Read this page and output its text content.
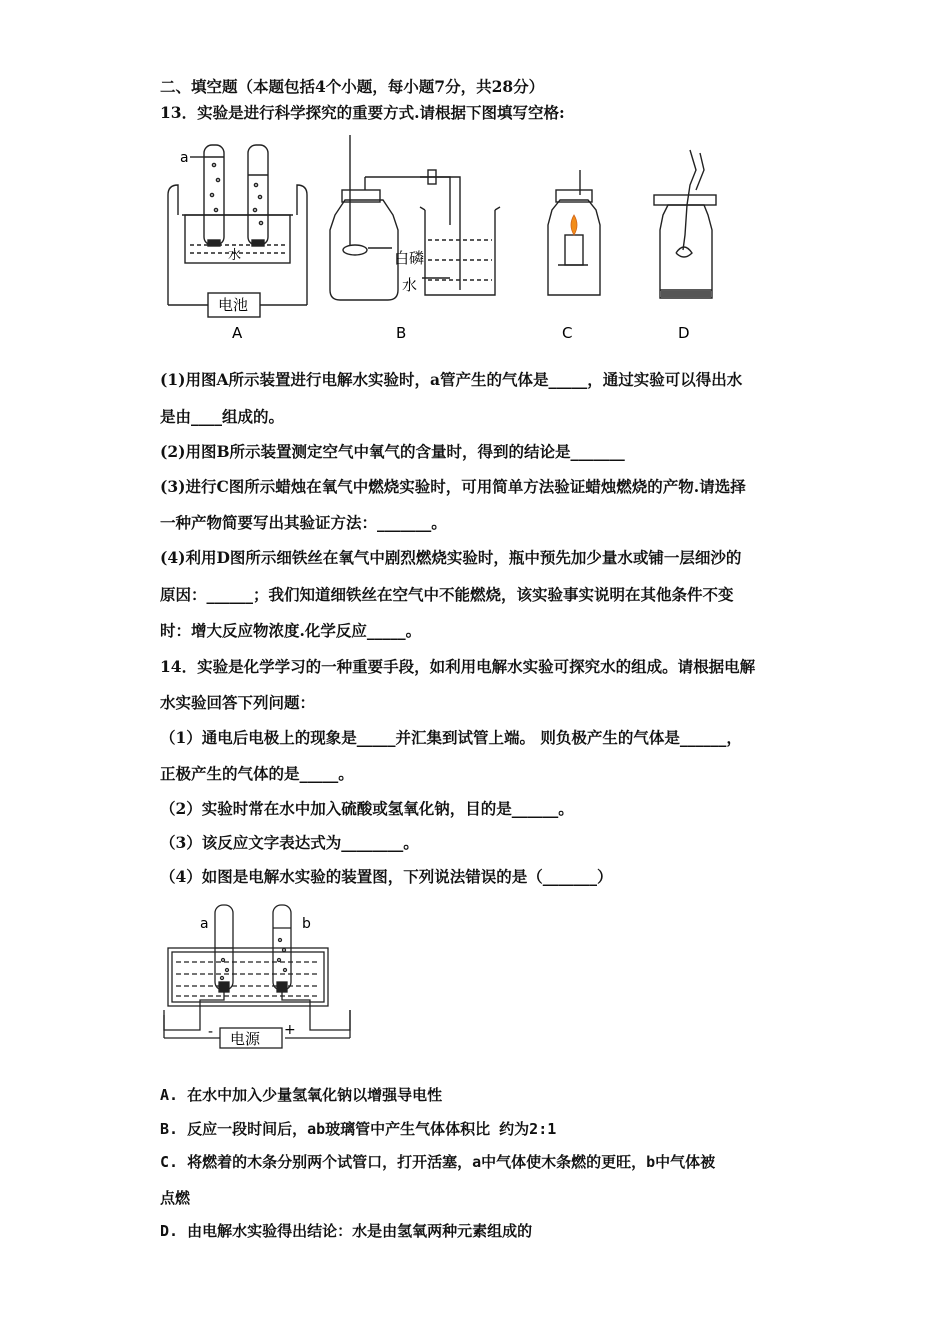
二、填空题（本题包括4个小题，每小题7分，共28分）
13．实验是进行科学探究的重要方式.请根据下图填写空格:
a
水
电池
白磷
水
A	B	C	D
(1)用图A所示装置进行电解水实验时，a管产生的气体是_____，通过实验可以得出水
是由____组成的。
(2)用图B所示装置测定空气中氧气的含量时，得到的结论是_______
(3)进行C图所示蜡烛在氧气中燃烧实验时，可用简单方法验证蜡烛燃烧的产物.请选择
一种产物简要写出其验证方法：_______。
(4)利用D图所示细铁丝在氧气中剧烈燃烧实验时，瓶中预先加少量水或铺一层细沙的
原因：______；我们知道细铁丝在空气中不能燃烧，该实验事实说明在其他条件不变
时：增大反应物浓度.化学反应_____。
14．实验是化学学习的一种重要手段，如利用电解水实验可探究水的组成。请根据电解
水实验回答下列问题：
（1）通电后电极上的现象是_____并汇集到试管上端。 则负极产生的气体是______，
正极产生的气体的是_____。
（2）实验时常在水中加入硫酸或氢氧化钠，目的是______。
（3）该反应文字表达式为________。
（4）如图是电解水实验的装置图，下列说法错误的是（_______）
a	b
电源
-	+
A. 在水中加入少量氢氧化钠以增强导电性
B. 反应一段时间后，ab玻璃管中产生气体体积比 约为2:1
C. 将燃着的木条分别两个试管口，打开活塞，a中气体使木条燃的更旺，b中气体被
点燃
D. 由电解水实验得出结论：水是由氢氧两种元素组成的
